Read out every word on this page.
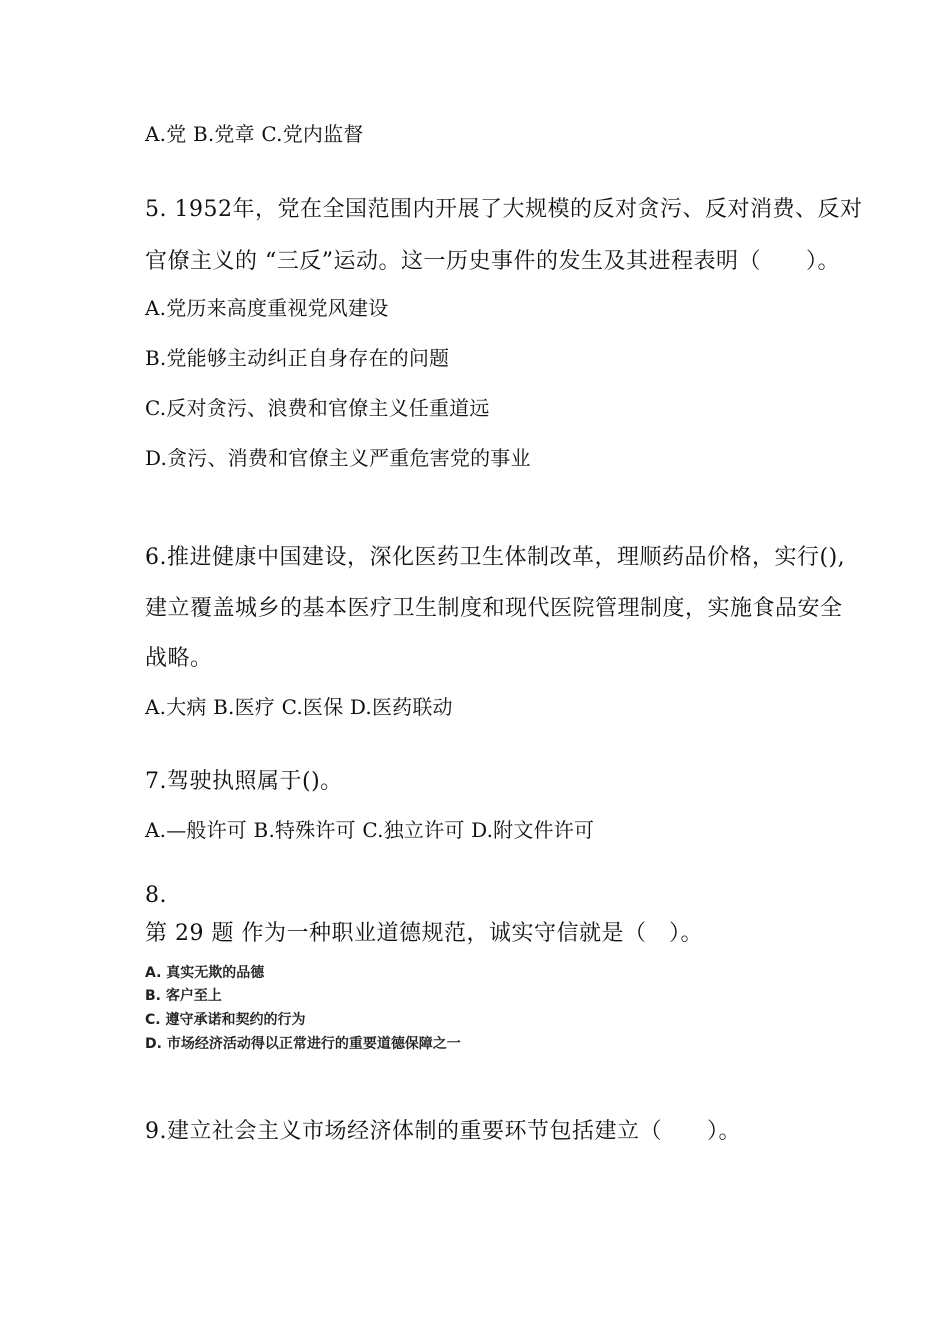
A.党 B.党章 C.党内监督
5. 1952年，党在全国范围内开展了大规模的反对贪污、反对消费、反对
官僚主义的 “三反”运动。这一历史事件的发生及其进程表明（　　）。
A.党历来高度重视党风建设
B.党能够主动纠正自身存在的问题
C.反对贪污、浪费和官僚主义任重道远
D.贪污、消费和官僚主义严重危害党的事业
6.推进健康中国建设，深化医药卫生体制改革，理顺药品价格，实行(),
建立覆盖城乡的基本医疗卫生制度和现代医院管理制度，实施食品安全
战略。
A.大病 B.医疗 C.医保 D.医药联动
7.驾驶执照属于()。
A.—般许可 B.特殊许可 C.独立许可 D.附文件许可
8.
第 29 题 作为一种职业道德规范，诚实守信就是（　）。
A. 真实无欺的品德
B. 客户至上
C. 遵守承诺和契约的行为
D. 市场经济活动得以正常进行的重要道德保障之一
9.建立社会主义市场经济体制的重要环节包括建立（　　）。
